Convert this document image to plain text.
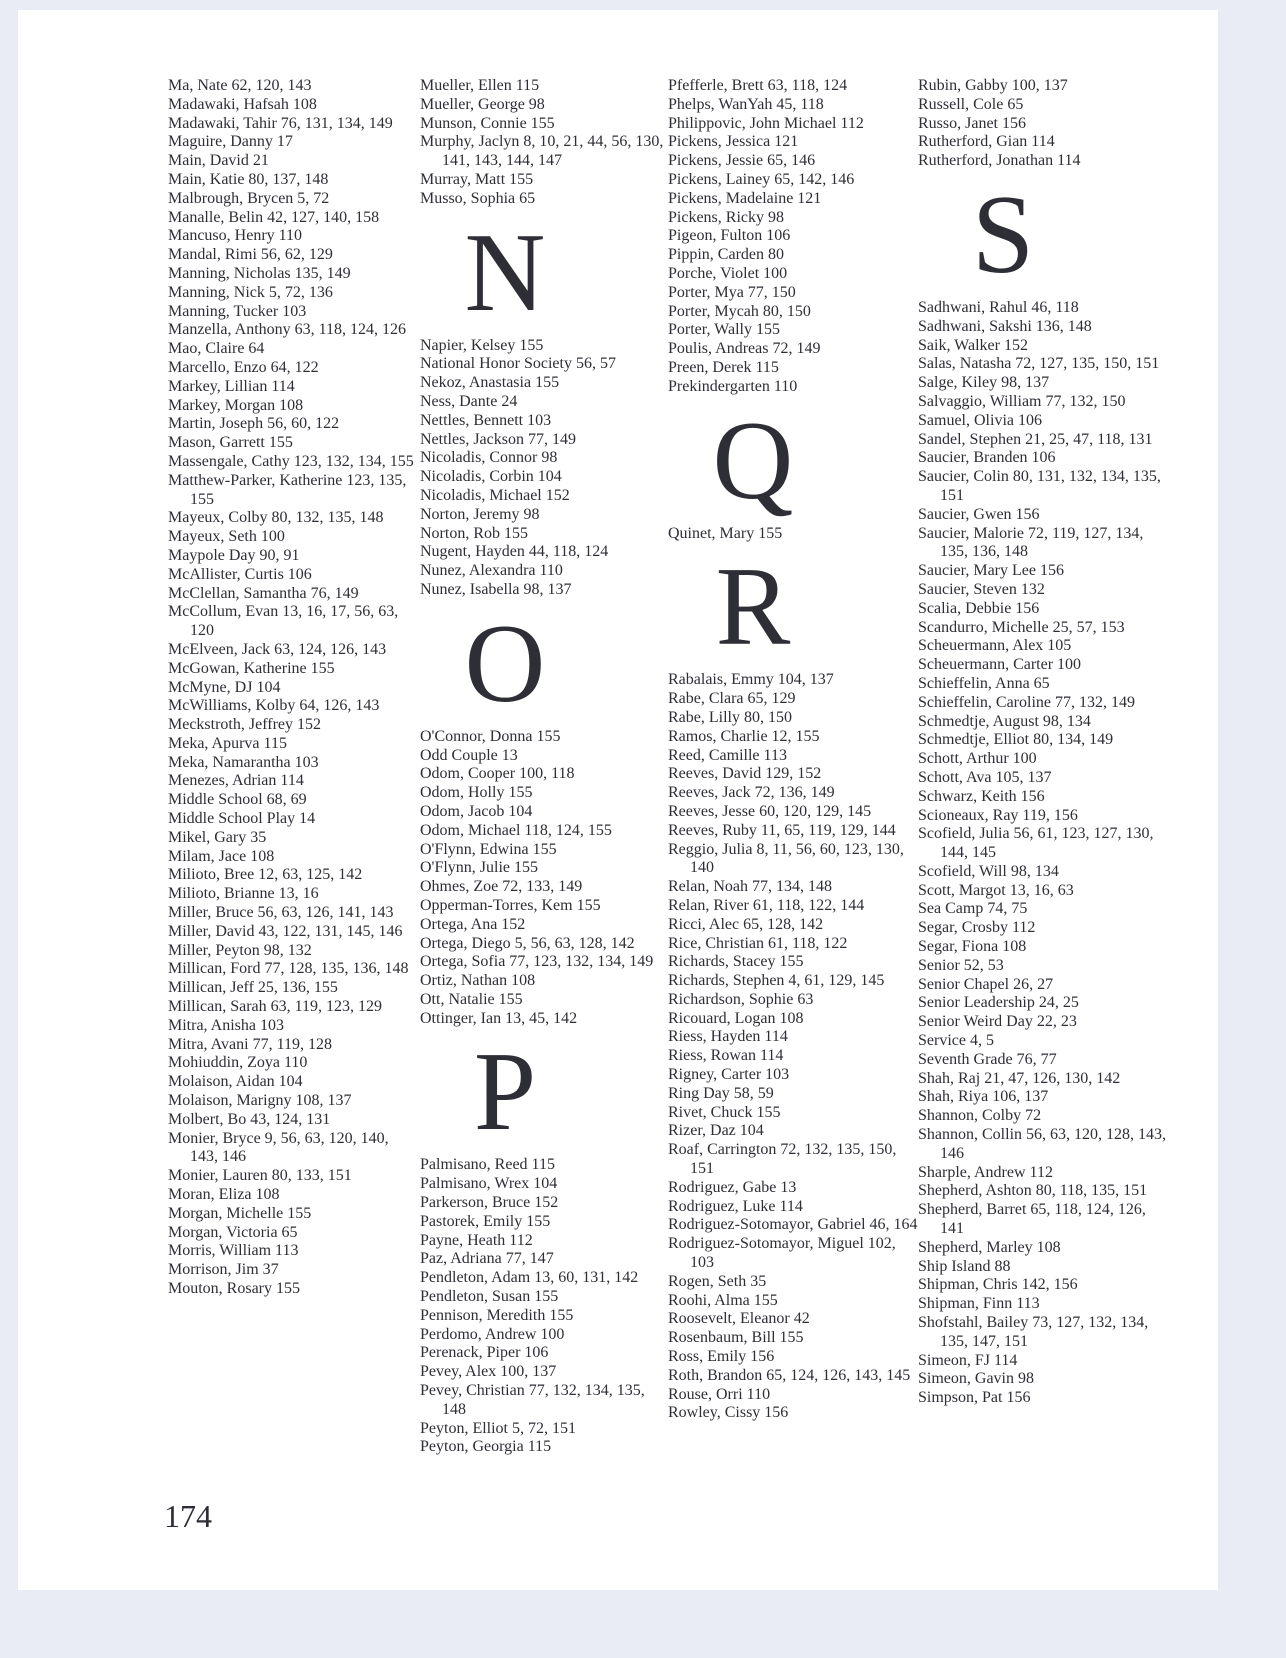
Ma, Nate 62, 120, 143
Madawaki, Hafsah 108
Madawaki, Tahir 76, 131, 134, 149
Maguire, Danny 17
Main, David 21
Main, Katie 80, 137, 148
Malbrough, Brycen 5, 72
Manalle, Belin 42, 127, 140, 158
Mancuso, Henry 110
Mandal, Rimi 56, 62, 129
Manning, Nicholas 135, 149
Manning, Nick 5, 72, 136
Manning, Tucker 103
Manzella, Anthony 63, 118, 124, 126
Mao, Claire 64
Marcello, Enzo 64, 122
Markey, Lillian 114
Markey, Morgan 108
Martin, Joseph 56, 60, 122
Mason, Garrett 155
Massengale, Cathy 123, 132, 134, 155
Matthew-Parker, Katherine 123, 135, 155
Mayeux, Colby 80, 132, 135, 148
Mayeux, Seth 100
Maypole Day 90, 91
McAllister, Curtis 106
McClellan, Samantha 76, 149
McCollum, Evan 13, 16, 17, 56, 63, 120
McElveen, Jack 63, 124, 126, 143
McGowan, Katherine 155
McMyne, DJ 104
McWilliams, Kolby 64, 126, 143
Meckstroth, Jeffrey 152
Meka, Apurva 115
Meka, Namarantha 103
Menezes, Adrian 114
Middle School 68, 69
Middle School Play 14
Mikel, Gary 35
Milam, Jace 108
Milioto, Bree 12, 63, 125, 142
Milioto, Brianne 13, 16
Miller, Bruce 56, 63, 126, 141, 143
Miller, David 43, 122, 131, 145, 146
Miller, Peyton 98, 132
Millican, Ford 77, 128, 135, 136, 148
Millican, Jeff 25, 136, 155
Millican, Sarah 63, 119, 123, 129
Mitra, Anisha 103
Mitra, Avani 77, 119, 128
Mohiuddin, Zoya 110
Molaison, Aidan 104
Molaison, Marigny 108, 137
Molbert, Bo 43, 124, 131
Monier, Bryce 9, 56, 63, 120, 140, 143, 146
Monier, Lauren 80, 133, 151
Moran, Eliza 108
Morgan, Michelle 155
Morgan, Victoria 65
Morris, William 113
Morrison, Jim 37
Mouton, Rosary 155
Mueller, Ellen 115
Mueller, George 98
Munson, Connie 155
Murphy, Jaclyn 8, 10, 21, 44, 56, 130, 141, 143, 144, 147
Murray, Matt 155
Musso, Sophia 65
N
Napier, Kelsey 155
National Honor Society 56, 57
Nekoz, Anastasia 155
Ness, Dante 24
Nettles, Bennett 103
Nettles, Jackson 77, 149
Nicoladis, Connor 98
Nicoladis, Corbin 104
Nicoladis, Michael 152
Norton, Jeremy 98
Norton, Rob 155
Nugent, Hayden 44, 118, 124
Nunez, Alexandra 110
Nunez, Isabella 98, 137
O
O'Connor, Donna 155
Odd Couple 13
Odom, Cooper 100, 118
Odom, Holly 155
Odom, Jacob 104
Odom, Michael 118, 124, 155
O'Flynn, Edwina 155
O'Flynn, Julie 155
Ohmes, Zoe 72, 133, 149
Opperman-Torres, Kem 155
Ortega, Ana 152
Ortega, Diego 5, 56, 63, 128, 142
Ortega, Sofia 77, 123, 132, 134, 149
Ortiz, Nathan 108
Ott, Natalie 155
Ottinger, Ian 13, 45, 142
P
Palmisano, Reed 115
Palmisano, Wrex 104
Parkerson, Bruce 152
Pastorek, Emily 155
Payne, Heath 112
Paz, Adriana 77, 147
Pendleton, Adam 13, 60, 131, 142
Pendleton, Susan 155
Pennison, Meredith 155
Perdomo, Andrew 100
Perenack, Piper 106
Pevey, Alex 100, 137
Pevey, Christian 77, 132, 134, 135, 148
Peyton, Elliot 5, 72, 151
Peyton, Georgia 115
Pfefferle, Brett 63, 118, 124
Phelps, WanYah 45, 118
Philippovic, John Michael 112
Pickens, Jessica 121
Pickens, Jessie 65, 146
Pickens, Lainey 65, 142, 146
Pickens, Madelaine 121
Pickens, Ricky 98
Pigeon, Fulton 106
Pippin, Carden 80
Porche, Violet 100
Porter, Mya 77, 150
Porter, Mycah 80, 150
Porter, Wally 155
Poulis, Andreas 72, 149
Preen, Derek 115
Prekindergarten 110
Q
Quinet, Mary 155
R
Rabalais, Emmy 104, 137
Rabe, Clara 65, 129
Rabe, Lilly 80, 150
Ramos, Charlie 12, 155
Reed, Camille 113
Reeves, David 129, 152
Reeves, Jack 72, 136, 149
Reeves, Jesse 60, 120, 129, 145
Reeves, Ruby 11, 65, 119, 129, 144
Reggio, Julia 8, 11, 56, 60, 123, 130, 140
Relan, Noah 77, 134, 148
Relan, River 61, 118, 122, 144
Ricci, Alec 65, 128, 142
Rice, Christian 61, 118, 122
Richards, Stacey 155
Richards, Stephen 4, 61, 129, 145
Richardson, Sophie 63
Ricouard, Logan 108
Riess, Hayden 114
Riess, Rowan 114
Rigney, Carter 103
Ring Day 58, 59
Rivet, Chuck 155
Rizer, Daz 104
Roaf, Carrington 72, 132, 135, 150, 151
Rodriguez, Gabe 13
Rodriguez, Luke 114
Rodriguez-Sotomayor, Gabriel 46, 164
Rodriguez-Sotomayor, Miguel 102, 103
Rogen, Seth 35
Roohi, Alma 155
Roosevelt, Eleanor 42
Rosenbaum, Bill 155
Ross, Emily 156
Roth, Brandon 65, 124, 126, 143, 145
Rouse, Orri 110
Rowley, Cissy 156
Rubin, Gabby 100, 137
Russell, Cole 65
Russo, Janet 156
Rutherford, Gian 114
Rutherford, Jonathan 114
S
Sadhwani, Rahul 46, 118
Sadhwani, Sakshi 136, 148
Saik, Walker 152
Salas, Natasha 72, 127, 135, 150, 151
Salge, Kiley 98, 137
Salvaggio, William 77, 132, 150
Samuel, Olivia 106
Sandel, Stephen 21, 25, 47, 118, 131
Saucier, Branden 106
Saucier, Colin 80, 131, 132, 134, 135, 151
Saucier, Gwen 156
Saucier, Malorie 72, 119, 127, 134, 135, 136, 148
Saucier, Mary Lee 156
Saucier, Steven 132
Scalia, Debbie 156
Scandurro, Michelle 25, 57, 153
Scheuermann, Alex 105
Scheuermann, Carter 100
Schieffelin, Anna 65
Schieffelin, Caroline 77, 132, 149
Schmedtje, August 98, 134
Schmedtje, Elliot 80, 134, 149
Schott, Arthur 100
Schott, Ava 105, 137
Schwarz, Keith 156
Scioneaux, Ray 119, 156
Scofield, Julia 56, 61, 123, 127, 130, 144, 145
Scofield, Will 98, 134
Scott, Margot 13, 16, 63
Sea Camp 74, 75
Segar, Crosby 112
Segar, Fiona 108
Senior 52, 53
Senior Chapel 26, 27
Senior Leadership 24, 25
Senior Weird Day 22, 23
Service 4, 5
Seventh Grade 76, 77
Shah, Raj 21, 47, 126, 130, 142
Shah, Riya 106, 137
Shannon, Colby 72
Shannon, Collin 56, 63, 120, 128, 143, 146
Sharple, Andrew 112
Shepherd, Ashton 80, 118, 135, 151
Shepherd, Barret 65, 118, 124, 126, 141
Shepherd, Marley 108
Ship Island 88
Shipman, Chris 142, 156
Shipman, Finn 113
Shofstahl, Bailey 73, 127, 132, 134, 135, 147, 151
Simeon, FJ 114
Simeon, Gavin 98
Simpson, Pat 156
174
